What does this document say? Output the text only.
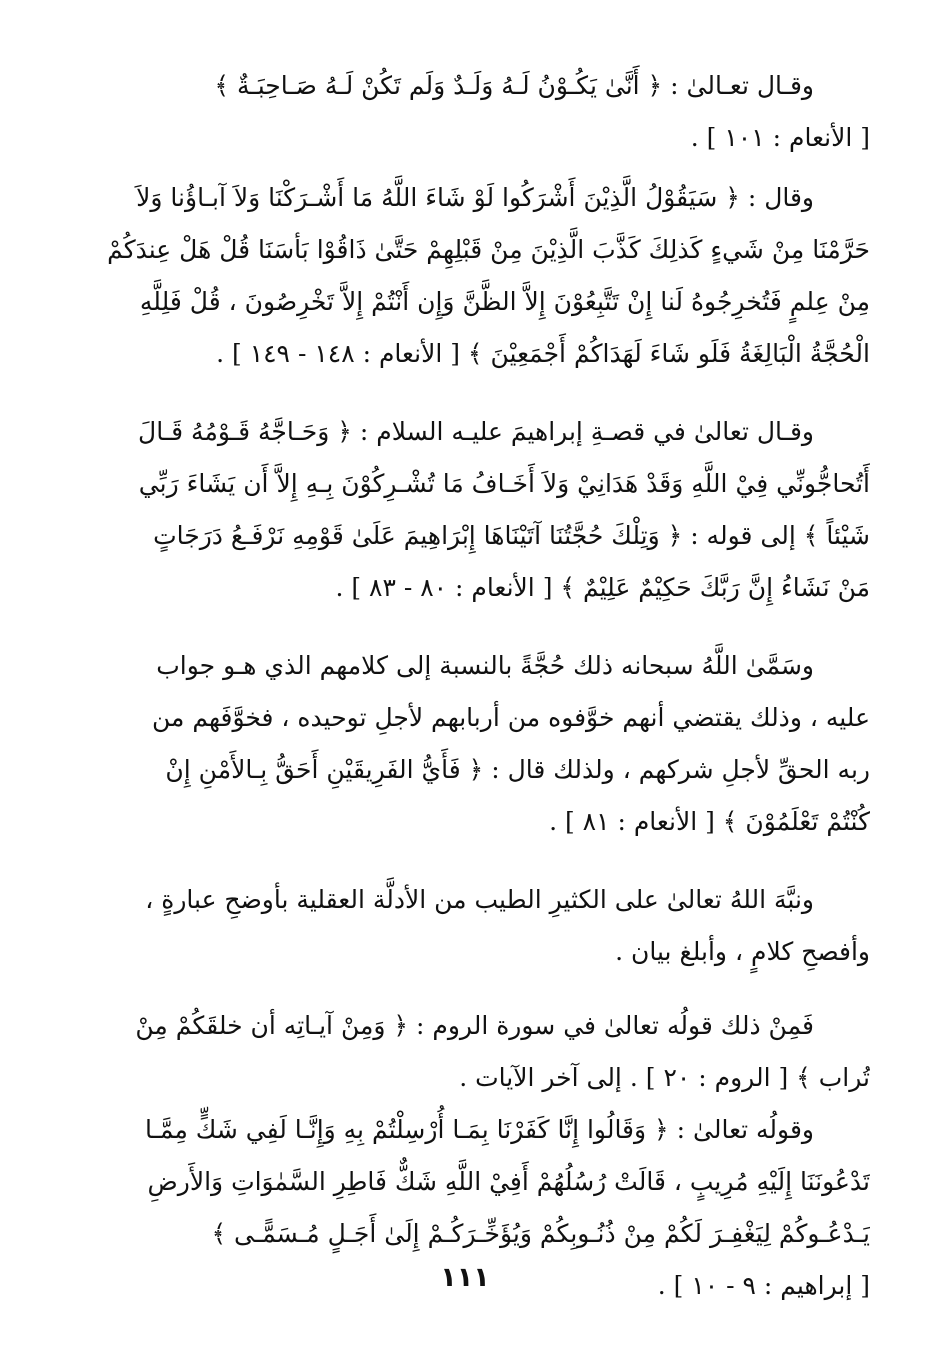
وقـال تعـالىٰ : ﴿ أَنَّىٰ يَكُـوْنُ لَـهُ وَلَـدٌ وَلَم تَكُنْ لَـهُ صَـاحِبَـةٌ ﴾
[ الأنعام : ١٠١ ] .
وقال : ﴿ سَيَقُوْلُ الَّذِيْنَ أَشْرَكُوا لَوْ شَاءَ اللَّهُ مَا أَشْـرَكْنَا وَلاَ آبـاؤُنا وَلاَ
حَرَّمْنَا مِنْ شَيءٍ كَذلِكَ كَذَّبَ الَّذِيْنَ مِنْ قَبْلِهِمْ حَتَّىٰ ذَاقُوْا بَأسَنَا قُلْ هَلْ عِندَكُمْ
مِنْ عِلمٍ فَتُخرِجُوهُ لَنا إِنْ تَتَّبِعُوْنَ إِلاَّ الظَّنَّ وَإِن أَنْتُمْ إِلاَّ تَخْرِصُونَ ، قُلْ فَلِلَّهِ
الْحُجَّةُ الْبَالِغَةُ فَلَو شَاءَ لَهَدَاكُمْ أَجْمَعِيْنَ ﴾ [ الأنعام : ١٤٨ - ١٤٩ ] .
وقـال تعالىٰ في قصـةِ إبراهيمَ عليـه السلام : ﴿ وَحَـاجَّهُ قَـوْمُهُ قَـالَ
أَتُحاجُّونِّي فِيْ اللَّهِ وَقَدْ هَدَانِيْ وَلاَ أَخَـافُ مَا تُشْـرِكُوْنَ بِـهِ إِلاَّ أَن يَشَاءَ رَبِّي
شَيْئاً ﴾ إلى قوله : ﴿ وَتِلْكَ حُجَّتُنَا آتَيْنَاهَا إِبْرَاهِيمَ عَلَىٰ قَوْمِهِ نَرْفَـعُ دَرَجَاتٍ
مَنْ نَشَاءُ إِنَّ رَبَّكَ حَكِيْمٌ عَلِيْمٌ ﴾ [ الأنعام : ٨٠ - ٨٣ ] .
وسَمَّىٰ اللَّهُ سبحانه ذلك حُجَّةً بالنسبة إلى كلامهم الذي هـو جواب
عليه ، وذلك يقتضي أنهم خوَّفوه من أربابهم لأجلِ توحيده ، فخوَّفَهم من
ربه الحقِّ لأجلِ شركهم ، ولذلك قال : ﴿ فَأَيُّ الفَرِيقَيْنِ أَحَقُّ بِـالأَمْنِ إِنْ
كُنْتُمْ تَعْلَمُوْنَ ﴾ [ الأنعام : ٨١ ] .
ونبَّهَ اللهُ تعالىٰ على الكثيرِ الطيب من الأدلَّة العقلية بأوضحِ عبارةٍ ،
وأفصحِ كلامٍ ، وأبلغ بيان .
فَمِنْ ذلك قولُه تعالىٰ في سورة الروم : ﴿ وَمِنْ آيـاتِه أن خلقَكُمْ مِنْ
تُراب ﴾ [ الروم : ٢٠ ] . إلى آخر الآيات .
وقولُه تعالىٰ : ﴿ وَقَالُوا إِنَّا كَفَرْنَا بِمَـا أُرْسِلْتُمْ بِهِ وَإِنَّـا لَفِي شَكٍّ مِمَّـا
تَدْعُونَنَا إِلَيْهِ مُرِيبٍ ، قَالَتْ رُسُلُهُمْ أَفِيْ اللَّهِ شَكٌّ فَاطِرِ السَّمٰوَاتِ وَالأَرضِ
يَـدْعُـوكُمْ لِيَغْفِـرَ لَكُمْ مِنْ ذُنُـوبِكُمْ وَيُؤَخِّـرَكُـمْ إِلَىٰ أَجَـلٍ مُـسَمًّـى ﴾
[ إبراهيم : ٩ - ١٠ ] .
١١١
